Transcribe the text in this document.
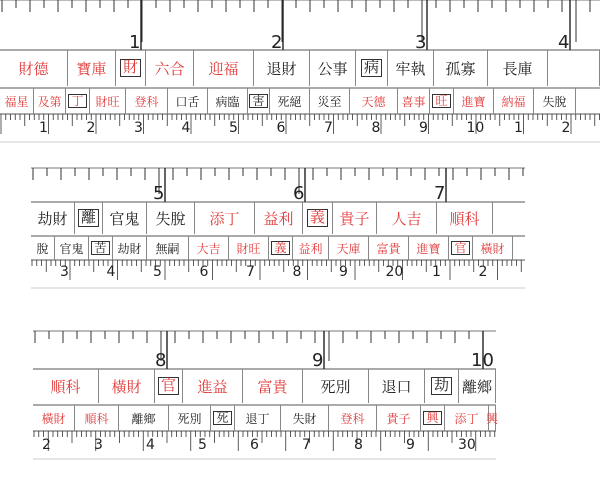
1	2	3	4
1	2	3	4	5	6	7	8	9	10 1	2
財德 寶庫 財 六合 迎福 退財 公事 病 牢執 孤寡 長庫
福星 及第 丁 財旺 登科 口舌 病臨 害 死絕 災至 天德 喜事 旺 進寶 納福 失脫
5	6	7
3	4	5	6	7	8	9	20 1	2
劫財 離 官鬼 失脫 添丁 益利 義 貴子 人吉 順科
脫 官鬼 苦 劫財 無嗣 大吉 財旺 義 益利 天庫 富貴 進寶 官 橫財
8	9	10
2	3	4	5	6	7	8	9	30
順科 橫財 官 進益 富貴 死別 退口 劫 離鄉
橫財 順科 離鄉 死別 死 退丁 失財 登科 貴子 興 添丁 興
